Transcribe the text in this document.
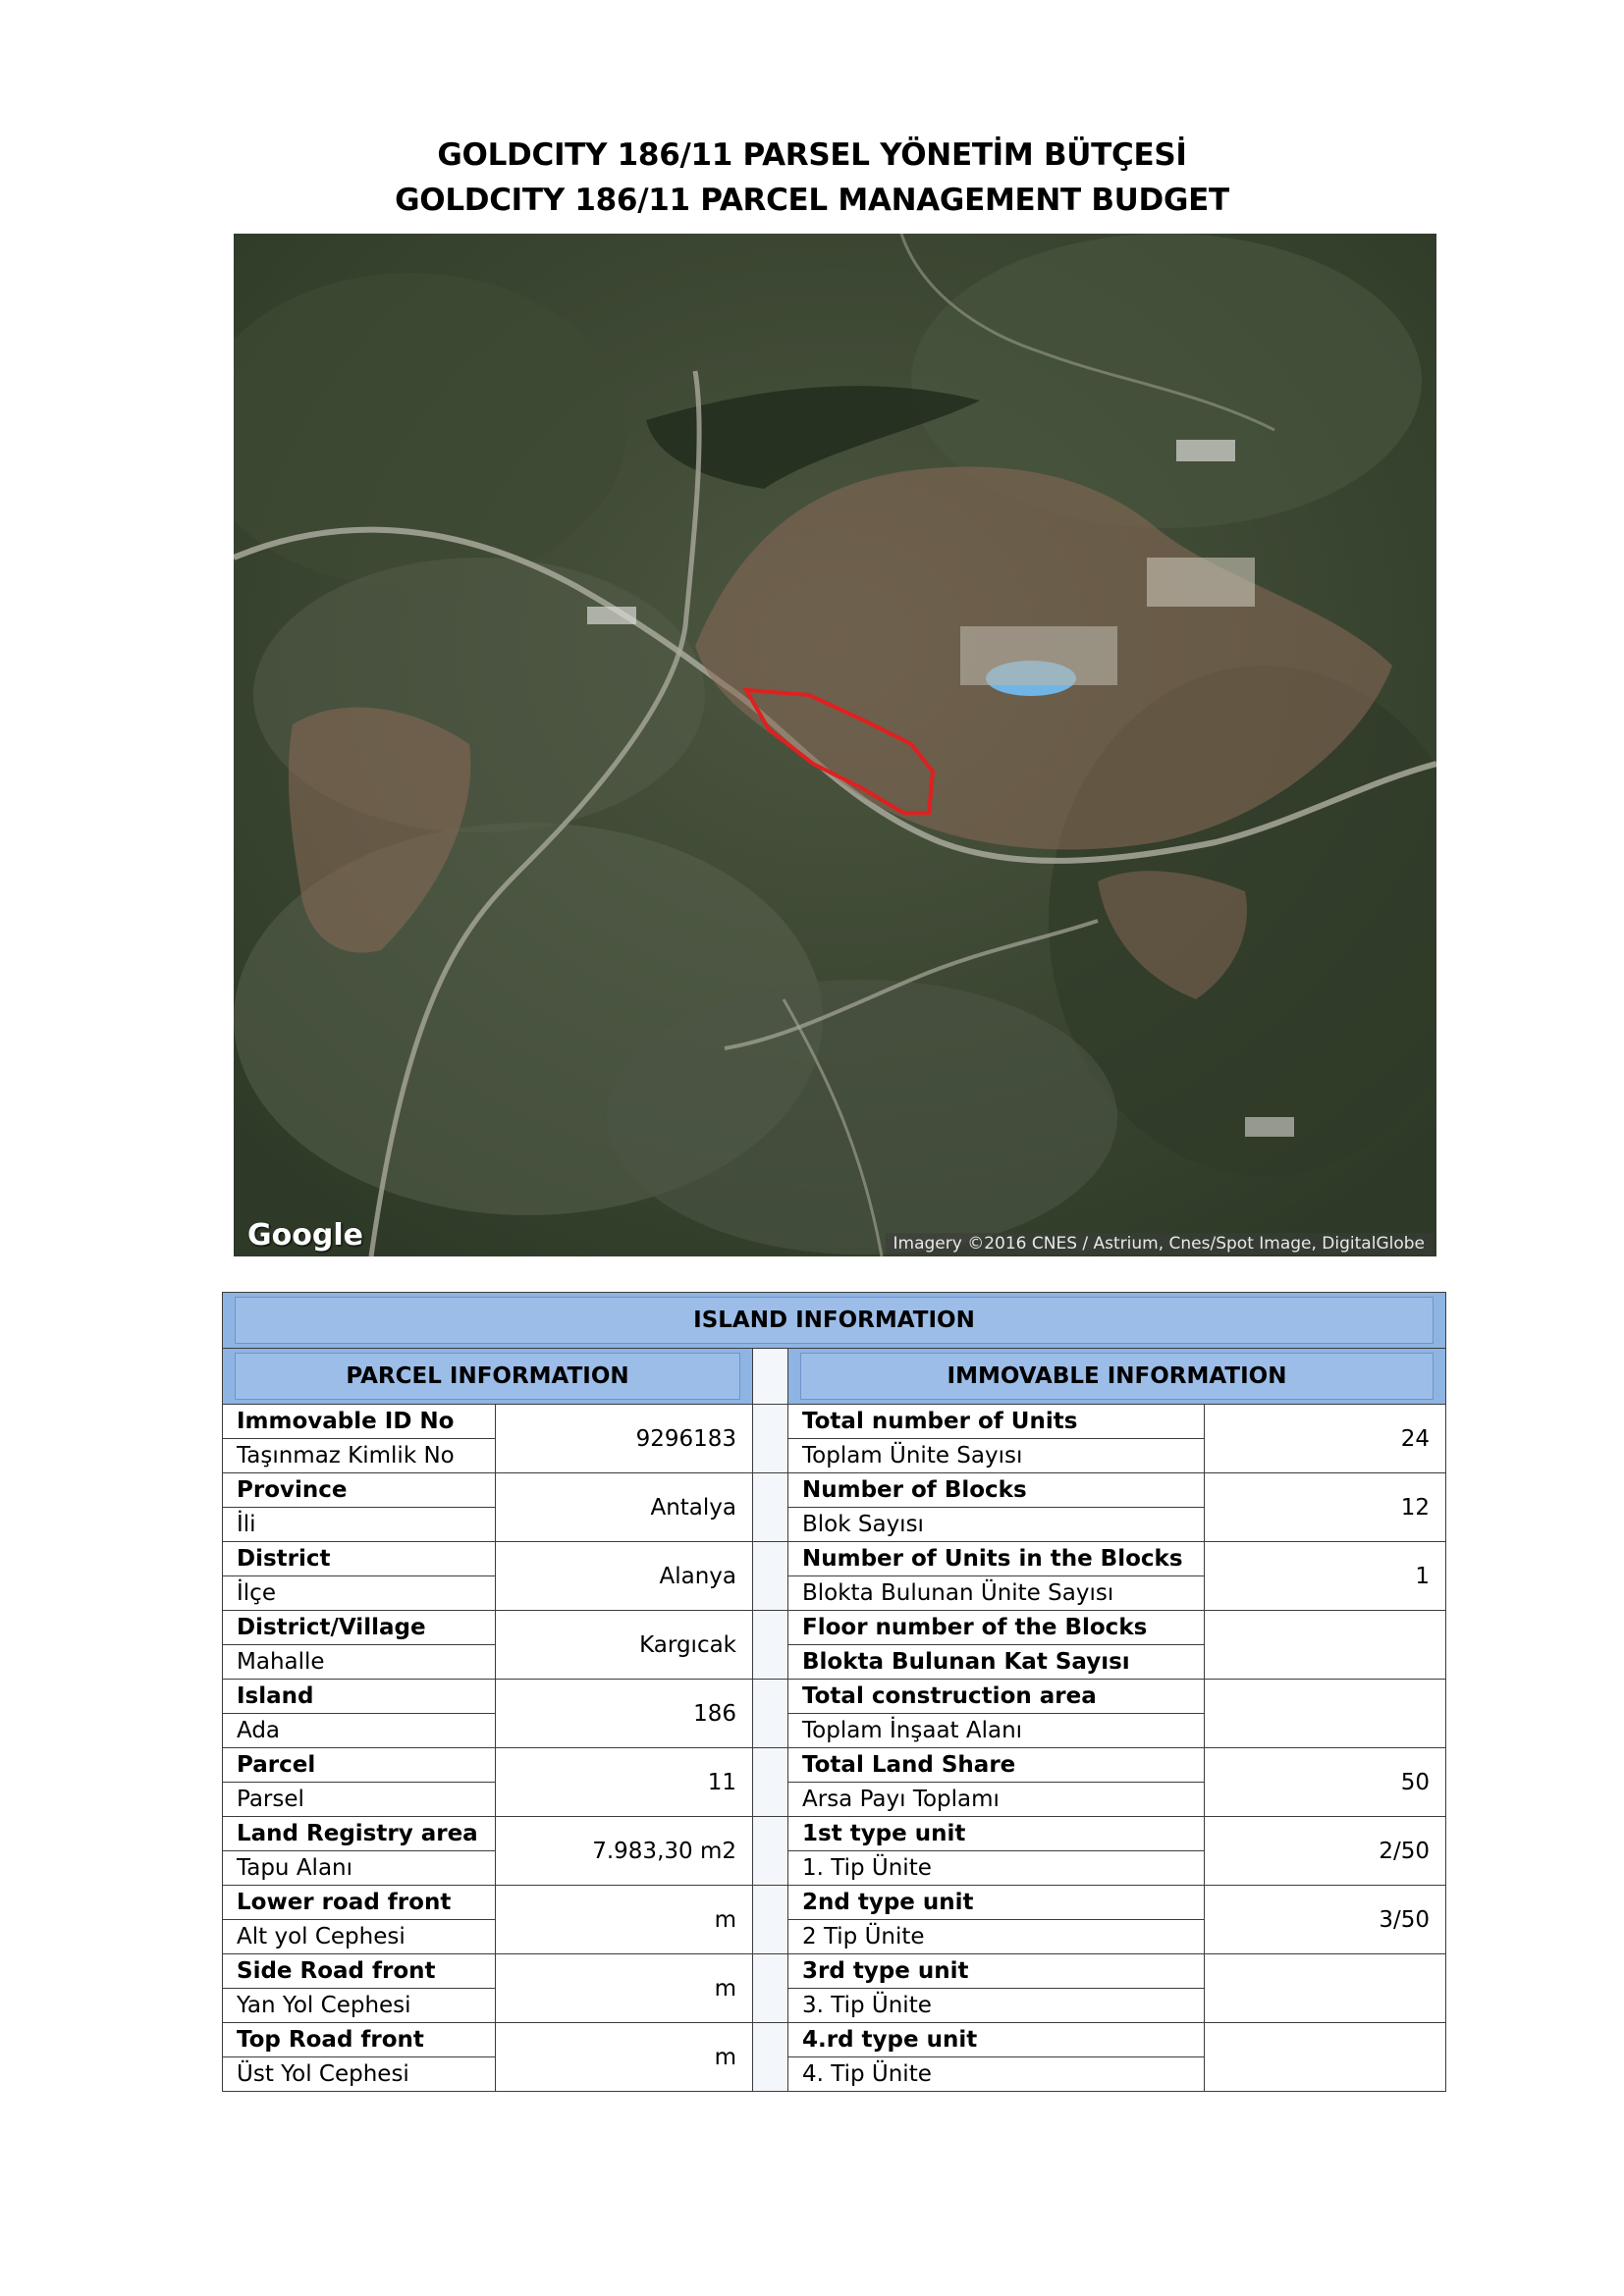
GOLDCITY 186/11 PARSEL YÖNETİM BÜTÇESİ
GOLDCITY 186/11 PARCEL MANAGEMENT BUDGET
Google	Imagery ©2016 CNES / Astrium, Cnes/Spot Image, DigitalGlobe
ISLAND INFORMATION				

PARCEL INFORMATION			IMMOVABLE INFORMATION	

Immovable ID No	9296183		Total number of Units	24
Taşınmaz Kimlik No			Toplam Ünite Sayısı	
Province	Antalya		Number of Blocks	12
İli			Blok Sayısı	
District	Alanya		Number of Units in the Blocks	1
İlçe			Blokta Bulunan Ünite Sayısı	
District/Village	Kargıcak		Floor number of the Blocks	
Mahalle			Blokta Bulunan Kat Sayısı	
Island	186		Total construction area	
Ada			Toplam İnşaat Alanı	
Parcel	11		Total Land Share	50
Parsel			Arsa Payı Toplamı	
Land Registry area	7.983,30 m2		1st type unit	2/50
Tapu Alanı			1. Tip Ünite	
Lower road front	m		2nd type unit	3/50
Alt yol Cephesi			2 Tip Ünite	
Side Road front	m		3rd type unit	
Yan Yol Cephesi			3. Tip Ünite	
Top Road front	m		4.rd type unit	
Üst Yol Cephesi			4. Tip Ünite	
